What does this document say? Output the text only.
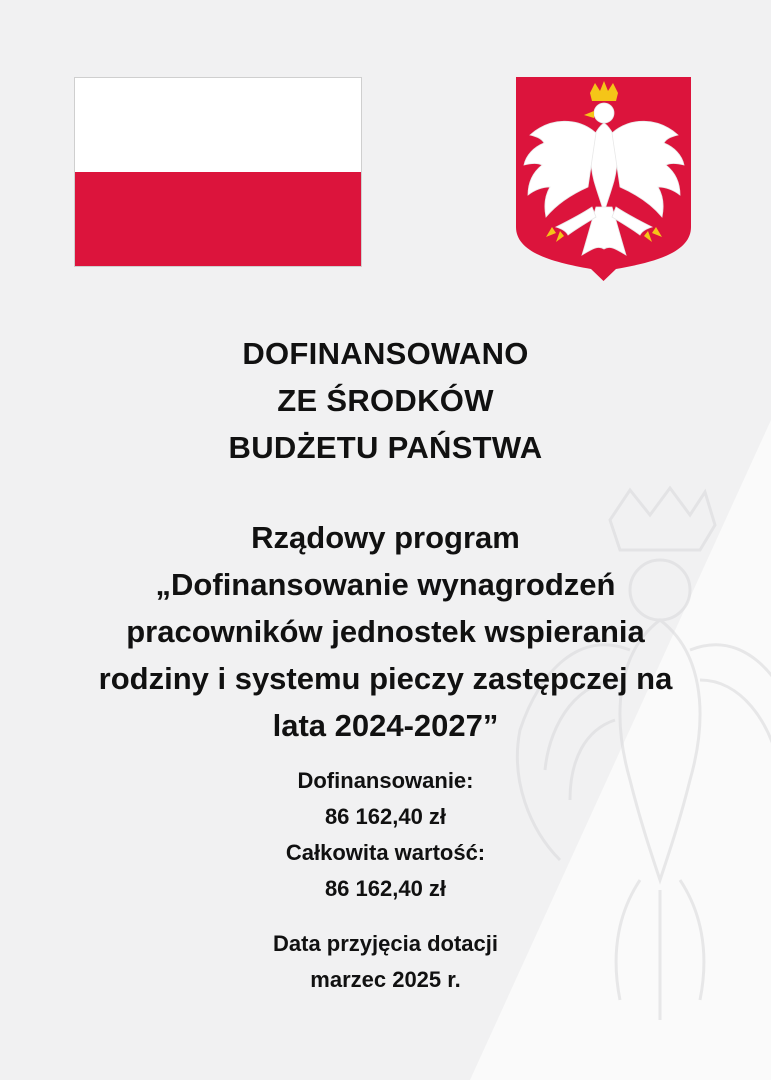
DOFINANSOWANO
ZE ŚRODKÓW
BUDŻETU PAŃSTWA
Rządowy program
„Dofinansowanie wynagrodzeń
pracowników jednostek wspierania
rodziny i systemu pieczy zastępczej na
lata 2024-2027”
Dofinansowanie:
86 162,40 zł
Całkowita wartość:
86 162,40 zł
Data przyjęcia dotacji
marzec 2025 r.
